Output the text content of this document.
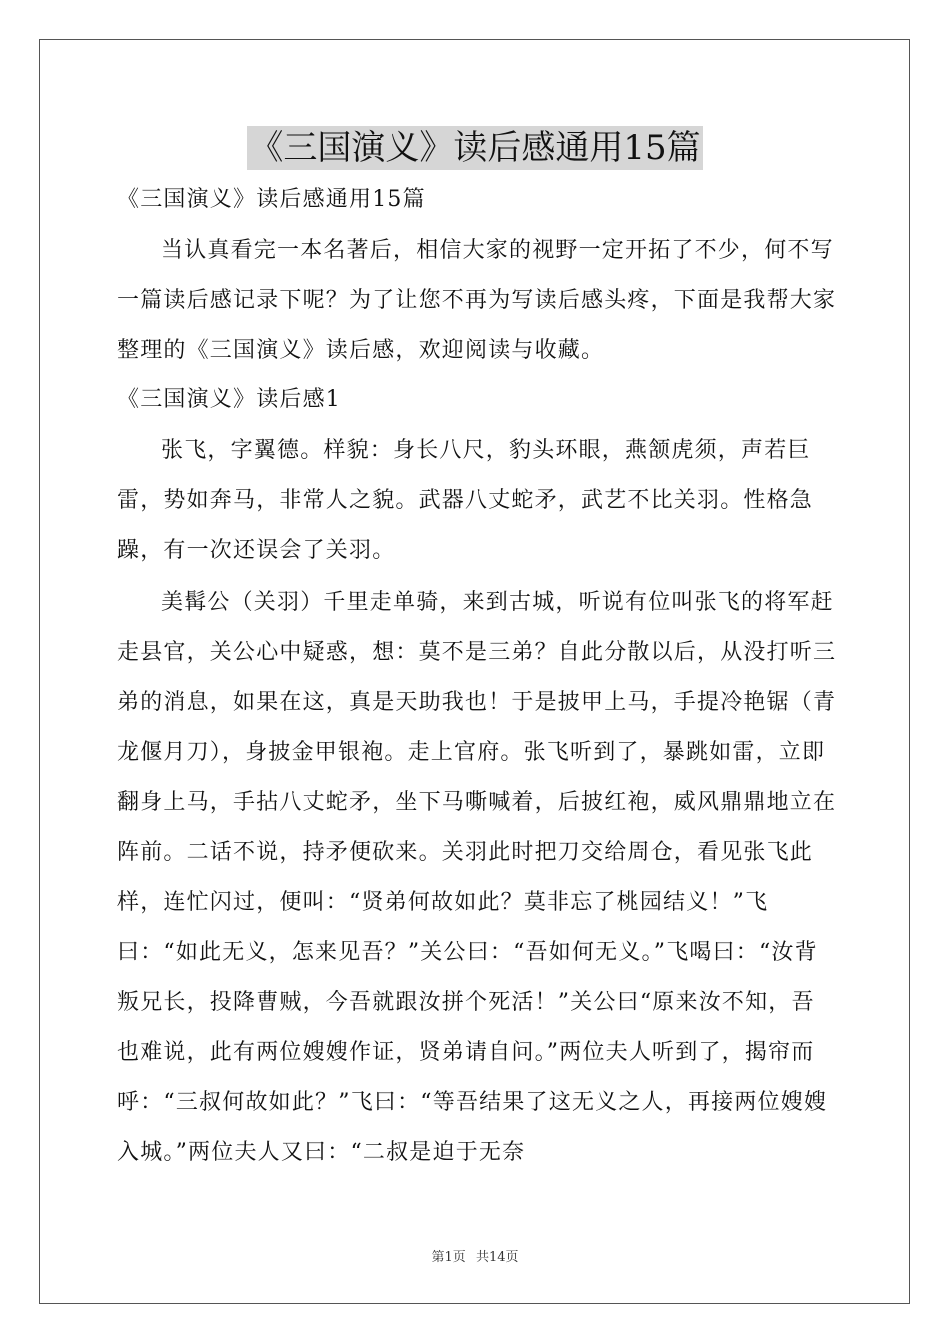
《三国演义》读后感通用15篇

《三国演义》读后感通用15篇

当认真看完一本名著后，相信大家的视野一定开拓了不少，何不写一篇读后感记录下呢？为了让您不再为写读后感头疼，下面是我帮大家整理的《三国演义》读后感，欢迎阅读与收藏。

《三国演义》读后感1

张飞，字翼德。样貌：身长八尺，豹头环眼，燕颔虎须，声若巨雷，势如奔马，非常人之貌。武器八丈蛇矛，武艺不比关羽。性格急躁，有一次还误会了关羽。

美髯公（关羽）千里走单骑，来到古城，听说有位叫张飞的将军赶走县官，关公心中疑惑，想：莫不是三弟？自此分散以后，从没打听三弟的消息，如果在这，真是天助我也！于是披甲上马，手提冷艳锯（青龙偃月刀），身披金甲银袍。走上官府。张飞听到了，暴跳如雷，立即翻身上马，手拈八丈蛇矛，坐下马嘶喊着，后披红袍，威风鼎鼎地立在阵前。二话不说，持矛便砍来。关羽此时把刀交给周仓，看见张飞此样，连忙闪过，便叫：“贤弟何故如此？莫非忘了桃园结义！”飞曰：“如此无义，怎来见吾？”关公曰：“吾如何无义。”飞喝曰：“汝背叛兄长，投降曹贼，今吾就跟汝拼个死活！”关公曰“原来汝不知，吾也难说，此有两位嫂嫂作证，贤弟请自问。”两位夫人听到了，揭帘而呼：“三叔何故如此？”飞曰：“等吾结果了这无义之人，再接两位嫂嫂入城。”两位夫人又曰：“二叔是迫于无奈

第1页 共14页
